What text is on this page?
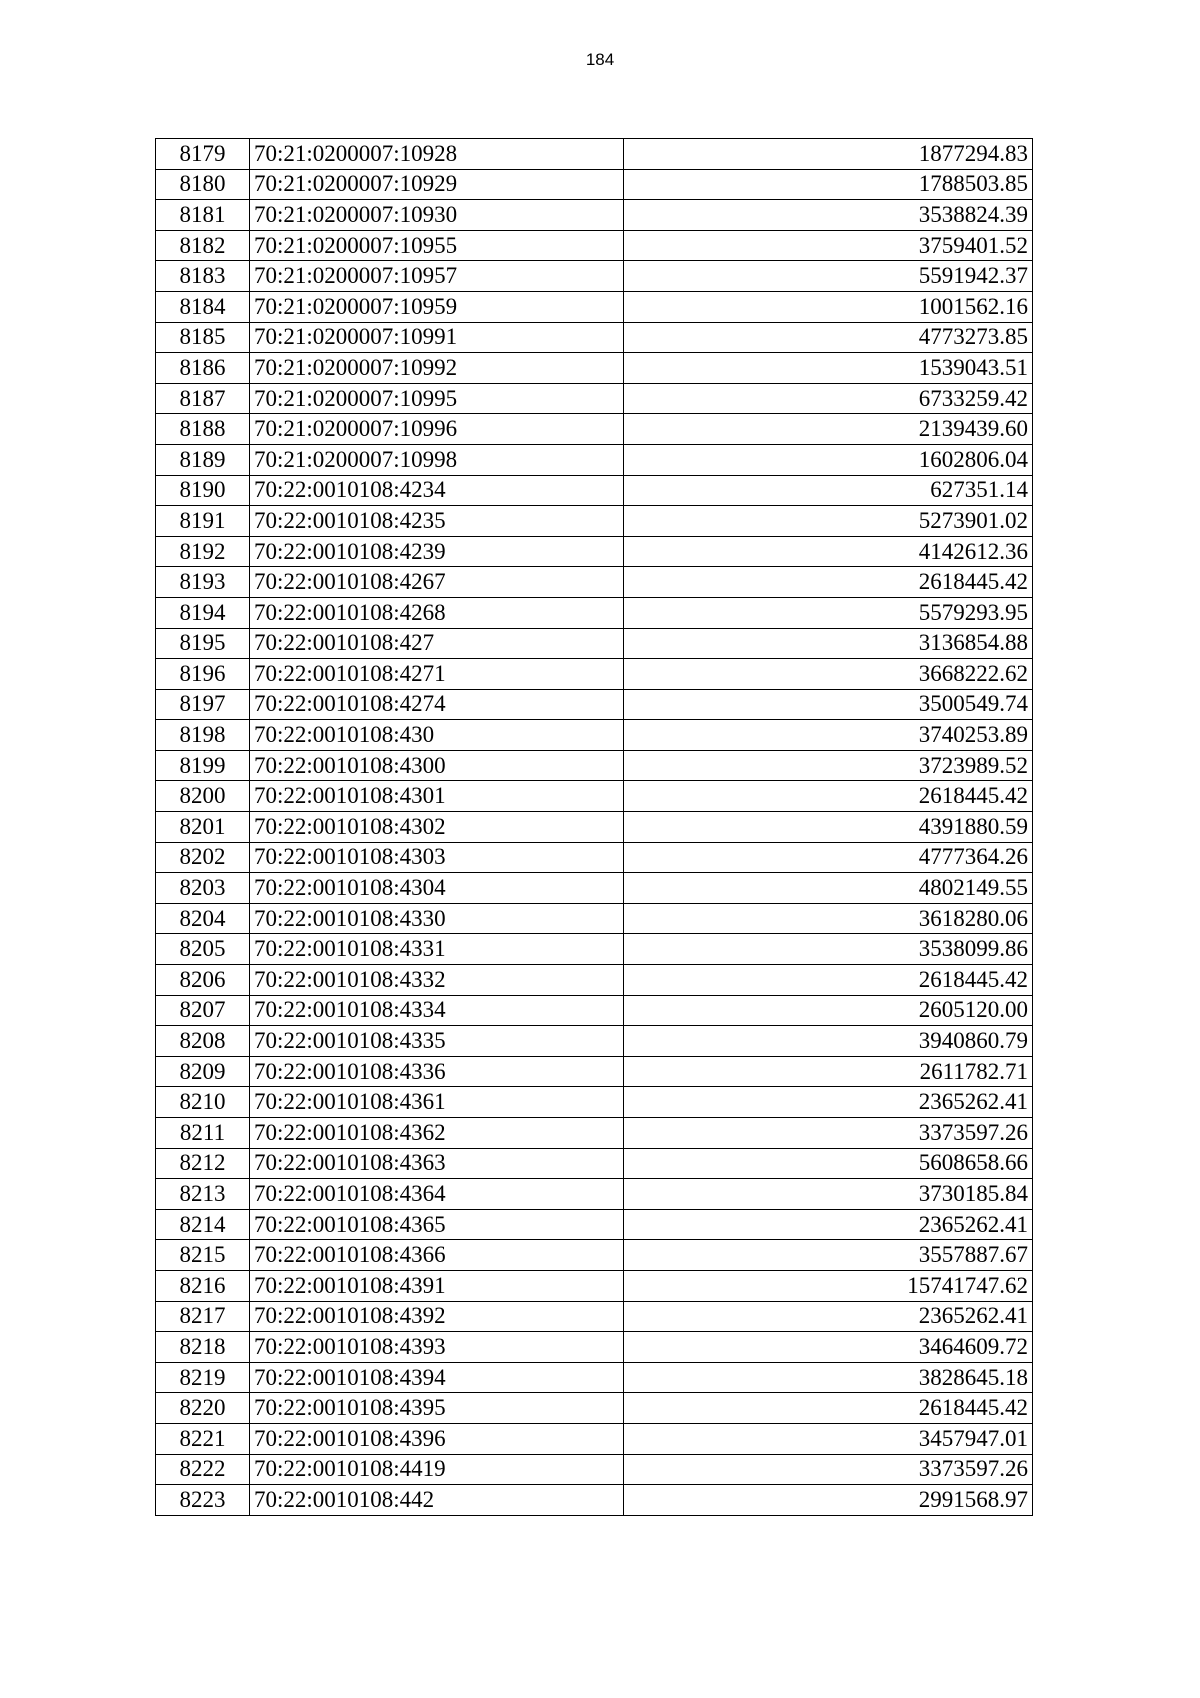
184
8179	70:21:0200007:10928	1877294.83
8180	70:21:0200007:10929	1788503.85
8181	70:21:0200007:10930	3538824.39
8182	70:21:0200007:10955	3759401.52
8183	70:21:0200007:10957	5591942.37
8184	70:21:0200007:10959	1001562.16
8185	70:21:0200007:10991	4773273.85
8186	70:21:0200007:10992	1539043.51
8187	70:21:0200007:10995	6733259.42
8188	70:21:0200007:10996	2139439.60
8189	70:21:0200007:10998	1602806.04
8190	70:22:0010108:4234	627351.14
8191	70:22:0010108:4235	5273901.02
8192	70:22:0010108:4239	4142612.36
8193	70:22:0010108:4267	2618445.42
8194	70:22:0010108:4268	5579293.95
8195	70:22:0010108:427	3136854.88
8196	70:22:0010108:4271	3668222.62
8197	70:22:0010108:4274	3500549.74
8198	70:22:0010108:430	3740253.89
8199	70:22:0010108:4300	3723989.52
8200	70:22:0010108:4301	2618445.42
8201	70:22:0010108:4302	4391880.59
8202	70:22:0010108:4303	4777364.26
8203	70:22:0010108:4304	4802149.55
8204	70:22:0010108:4330	3618280.06
8205	70:22:0010108:4331	3538099.86
8206	70:22:0010108:4332	2618445.42
8207	70:22:0010108:4334	2605120.00
8208	70:22:0010108:4335	3940860.79
8209	70:22:0010108:4336	2611782.71
8210	70:22:0010108:4361	2365262.41
8211	70:22:0010108:4362	3373597.26
8212	70:22:0010108:4363	5608658.66
8213	70:22:0010108:4364	3730185.84
8214	70:22:0010108:4365	2365262.41
8215	70:22:0010108:4366	3557887.67
8216	70:22:0010108:4391	15741747.62
8217	70:22:0010108:4392	2365262.41
8218	70:22:0010108:4393	3464609.72
8219	70:22:0010108:4394	3828645.18
8220	70:22:0010108:4395	2618445.42
8221	70:22:0010108:4396	3457947.01
8222	70:22:0010108:4419	3373597.26
8223	70:22:0010108:442	2991568.97
